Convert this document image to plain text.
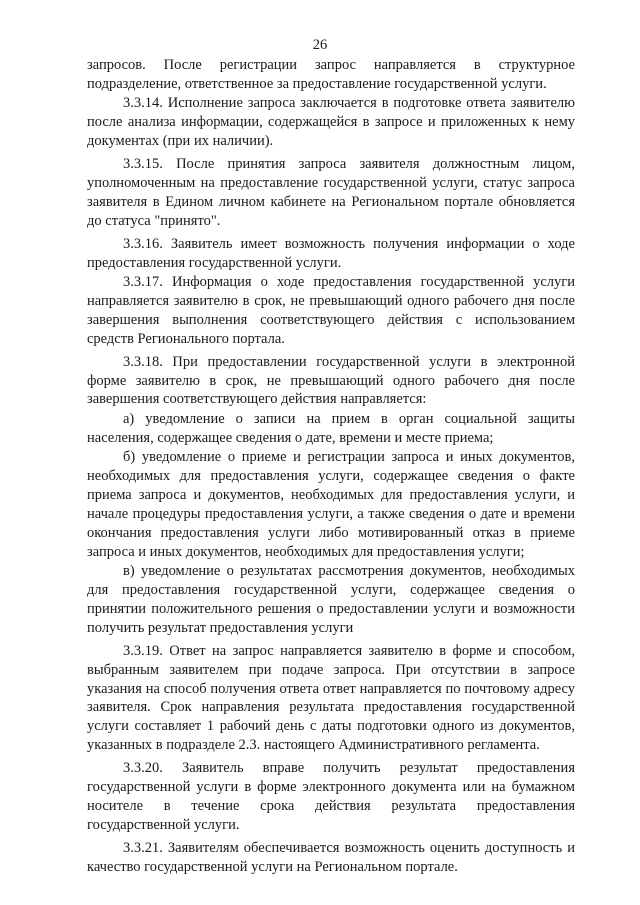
26

запросов. После регистрации запрос направляется в структурное подразделение, ответственное за предоставление государственной услуги.

3.3.14. Исполнение запроса заключается в подготовке ответа заявителю после анализа информации, содержащейся в запросе и приложенных к нему документах (при их наличии).

3.3.15. После принятия запроса заявителя должностным лицом, уполномоченным на предоставление государственной услуги, статус запроса заявителя в Едином личном кабинете на Региональном портале обновляется до статуса "принято".

3.3.16. Заявитель имеет возможность получения информации о ходе предоставления государственной услуги.

3.3.17. Информация о ходе предоставления государственной услуги направляется заявителю в срок, не превышающий одного рабочего дня после завершения выполнения соответствующего действия с использованием средств Регионального портала.

3.3.18. При предоставлении государственной услуги в электронной форме заявителю в срок, не превышающий одного рабочего дня после завершения соответствующего действия направляется:

а) уведомление о записи на прием в орган социальной защиты населения, содержащее сведения о дате, времени и месте приема;

б) уведомление о приеме и регистрации запроса и иных документов, необходимых для предоставления услуги, содержащее сведения о факте приема запроса и документов, необходимых для предоставления услуги, и начале процедуры предоставления услуги, а также сведения о дате и времени окончания предоставления услуги либо мотивированный отказ в приеме запроса и иных документов, необходимых для предоставления услуги;

в) уведомление о результатах рассмотрения документов, необходимых для предоставления государственной услуги, содержащее сведения о принятии положительного решения о предоставлении услуги и возможности получить результат предоставления услуги

3.3.19. Ответ на запрос направляется заявителю в форме и способом, выбранным заявителем при подаче запроса. При отсутствии в запросе указания на способ получения ответа ответ направляется по почтовому адресу заявителя. Срок направления результата предоставления государственной услуги составляет 1 рабочий день с даты подготовки одного из документов, указанных в подразделе 2.3. настоящего Административного регламента.

3.3.20. Заявитель вправе получить результат предоставления государственной услуги в форме электронного документа или на бумажном носителе в течение срока действия результата предоставления государственной услуги.

3.3.21. Заявителям обеспечивается возможность оценить доступность и качество государственной услуги на Региональном портале.
